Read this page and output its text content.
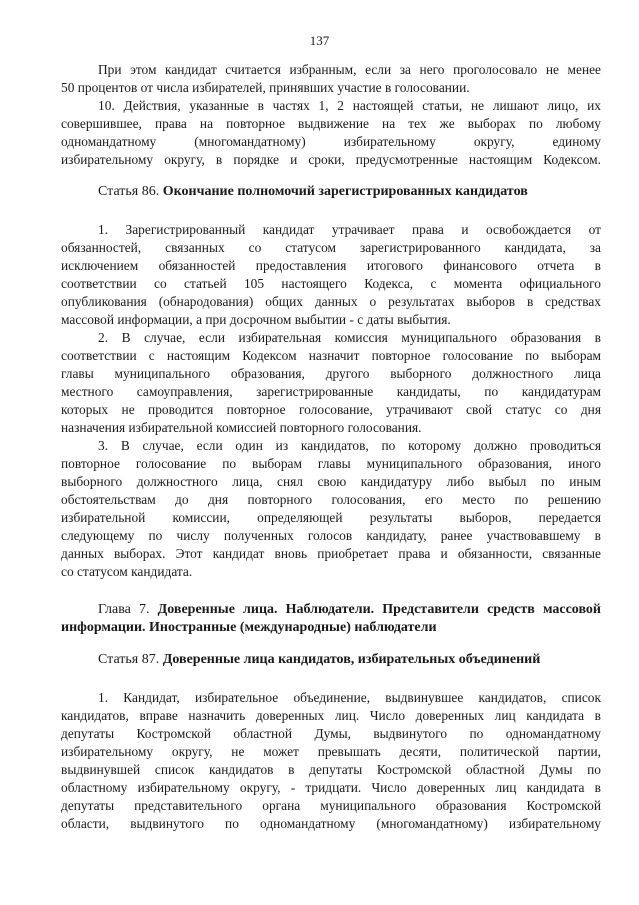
137
При этом кандидат считается избранным, если за него проголосовало не менее
50 процентов от числа избирателей, принявших участие в голосовании.
10. Действия, указанные в частях 1, 2 настоящей статьи, не лишают лицо, их
совершившее, права на повторное выдвижение на тех же выборах по любому
одномандатному (многомандатному) избирательному округу, единому
избирательному округу, в порядке и сроки, предусмотренные настоящим Кодексом.
Статья 86. Окончание полномочий зарегистрированных кандидатов
1. Зарегистрированный кандидат утрачивает права и освобождается от
обязанностей, связанных со статусом зарегистрированного кандидата, за
исключением обязанностей предоставления итогового финансового отчета в
соответствии со статьей 105 настоящего Кодекса, с момента официального
опубликования (обнародования) общих данных о результатах выборов в средствах
массовой информации, а при досрочном выбытии - с даты выбытия.
2. В случае, если избирательная комиссия муниципального образования в
соответствии с настоящим Кодексом назначит повторное голосование по выборам
главы муниципального образования, другого выборного должностного лица
местного самоуправления, зарегистрированные кандидаты, по кандидатурам
которых не проводится повторное голосование, утрачивают свой статус со дня
назначения избирательной комиссией повторного голосования.
3. В случае, если один из кандидатов, по которому должно проводиться
повторное голосование по выборам главы муниципального образования, иного
выборного должностного лица, снял свою кандидатуру либо выбыл по иным
обстоятельствам до дня повторного голосования, его место по решению
избирательной комиссии, определяющей результаты выборов, передается
следующему по числу полученных голосов кандидату, ранее участвовавшему в
данных выборах. Этот кандидат вновь приобретает права и обязанности, связанные
со статусом кандидата.
Глава 7. Доверенные лица. Наблюдатели. Представители средств массовой
информации. Иностранные (международные) наблюдатели
Статья 87. Доверенные лица кандидатов, избирательных объединений
1. Кандидат, избирательное объединение, выдвинувшее кандидатов, список
кандидатов, вправе назначить доверенных лиц. Число доверенных лиц кандидата в
депутаты Костромской областной Думы, выдвинутого по одномандатному
избирательному округу, не может превышать десяти, политической партии,
выдвинувшей список кандидатов в депутаты Костромской областной Думы по
областному избирательному округу, - тридцати. Число доверенных лиц кандидата в
депутаты представительного органа муниципального образования Костромской
области, выдвинутого по одномандатному (многомандатному) избирательному
